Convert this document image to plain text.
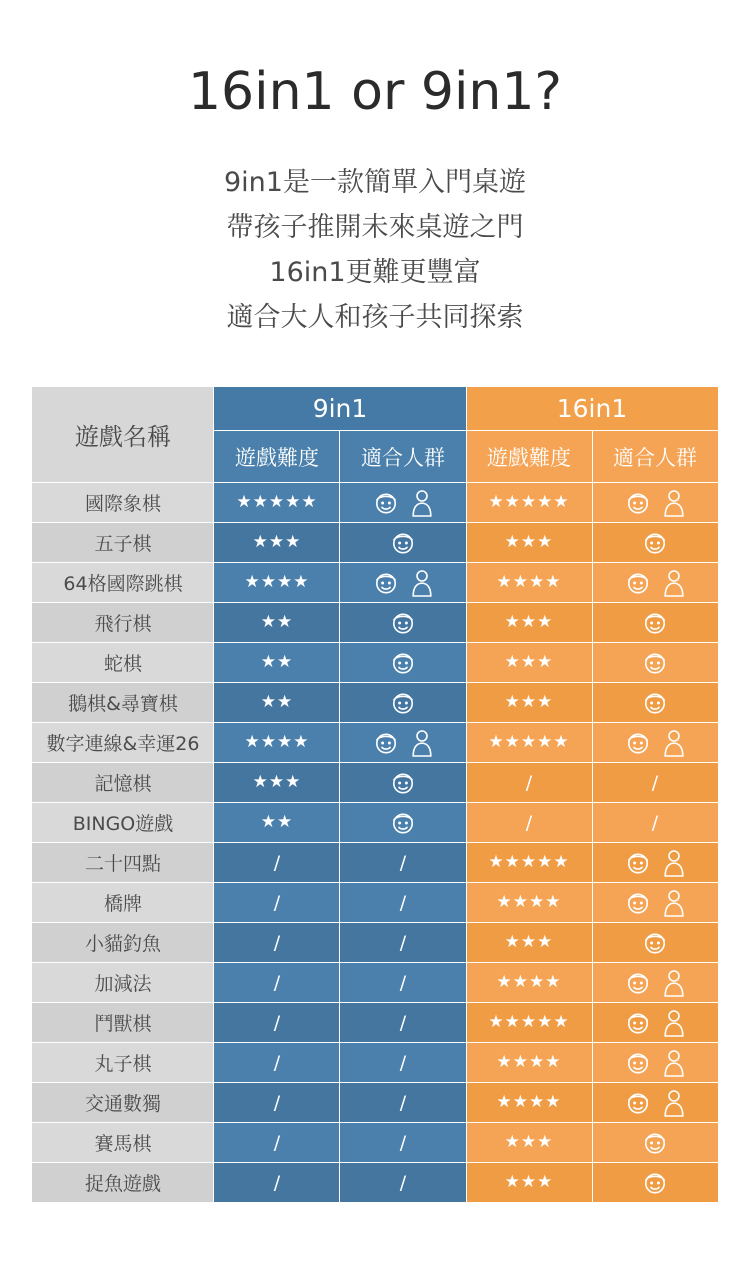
16in1 or 9in1?
9in1是一款簡單入門桌遊
帶孩子推開未來桌遊之門
16in1更難更豐富
適合大人和孩子共同探索
遊戲名稱	9in1		16in1	
	遊戲難度	適合人群	遊戲難度	適合人群
國際象棋	★★★★★		★★★★★	

五子棋	★★★		★★★	

64格國際跳棋	★★★★		★★★★	

飛行棋	★★		★★★	

蛇棋	★★		★★★	

鵝棋&尋寶棋	★★		★★★	

數字連線&幸運26	★★★★		★★★★★	

記憶棋	★★★		/	/
BINGO遊戲	★★		/	/
二十四點	/	/	★★★★★	

橋牌	/	/	★★★★	

小貓釣魚	/	/	★★★	

加減法	/	/	★★★★	

鬥獸棋	/	/	★★★★★	

丸子棋	/	/	★★★★	

交通數獨	/	/	★★★★	

賽馬棋	/	/	★★★	

捉魚遊戲	/	/	★★★	
